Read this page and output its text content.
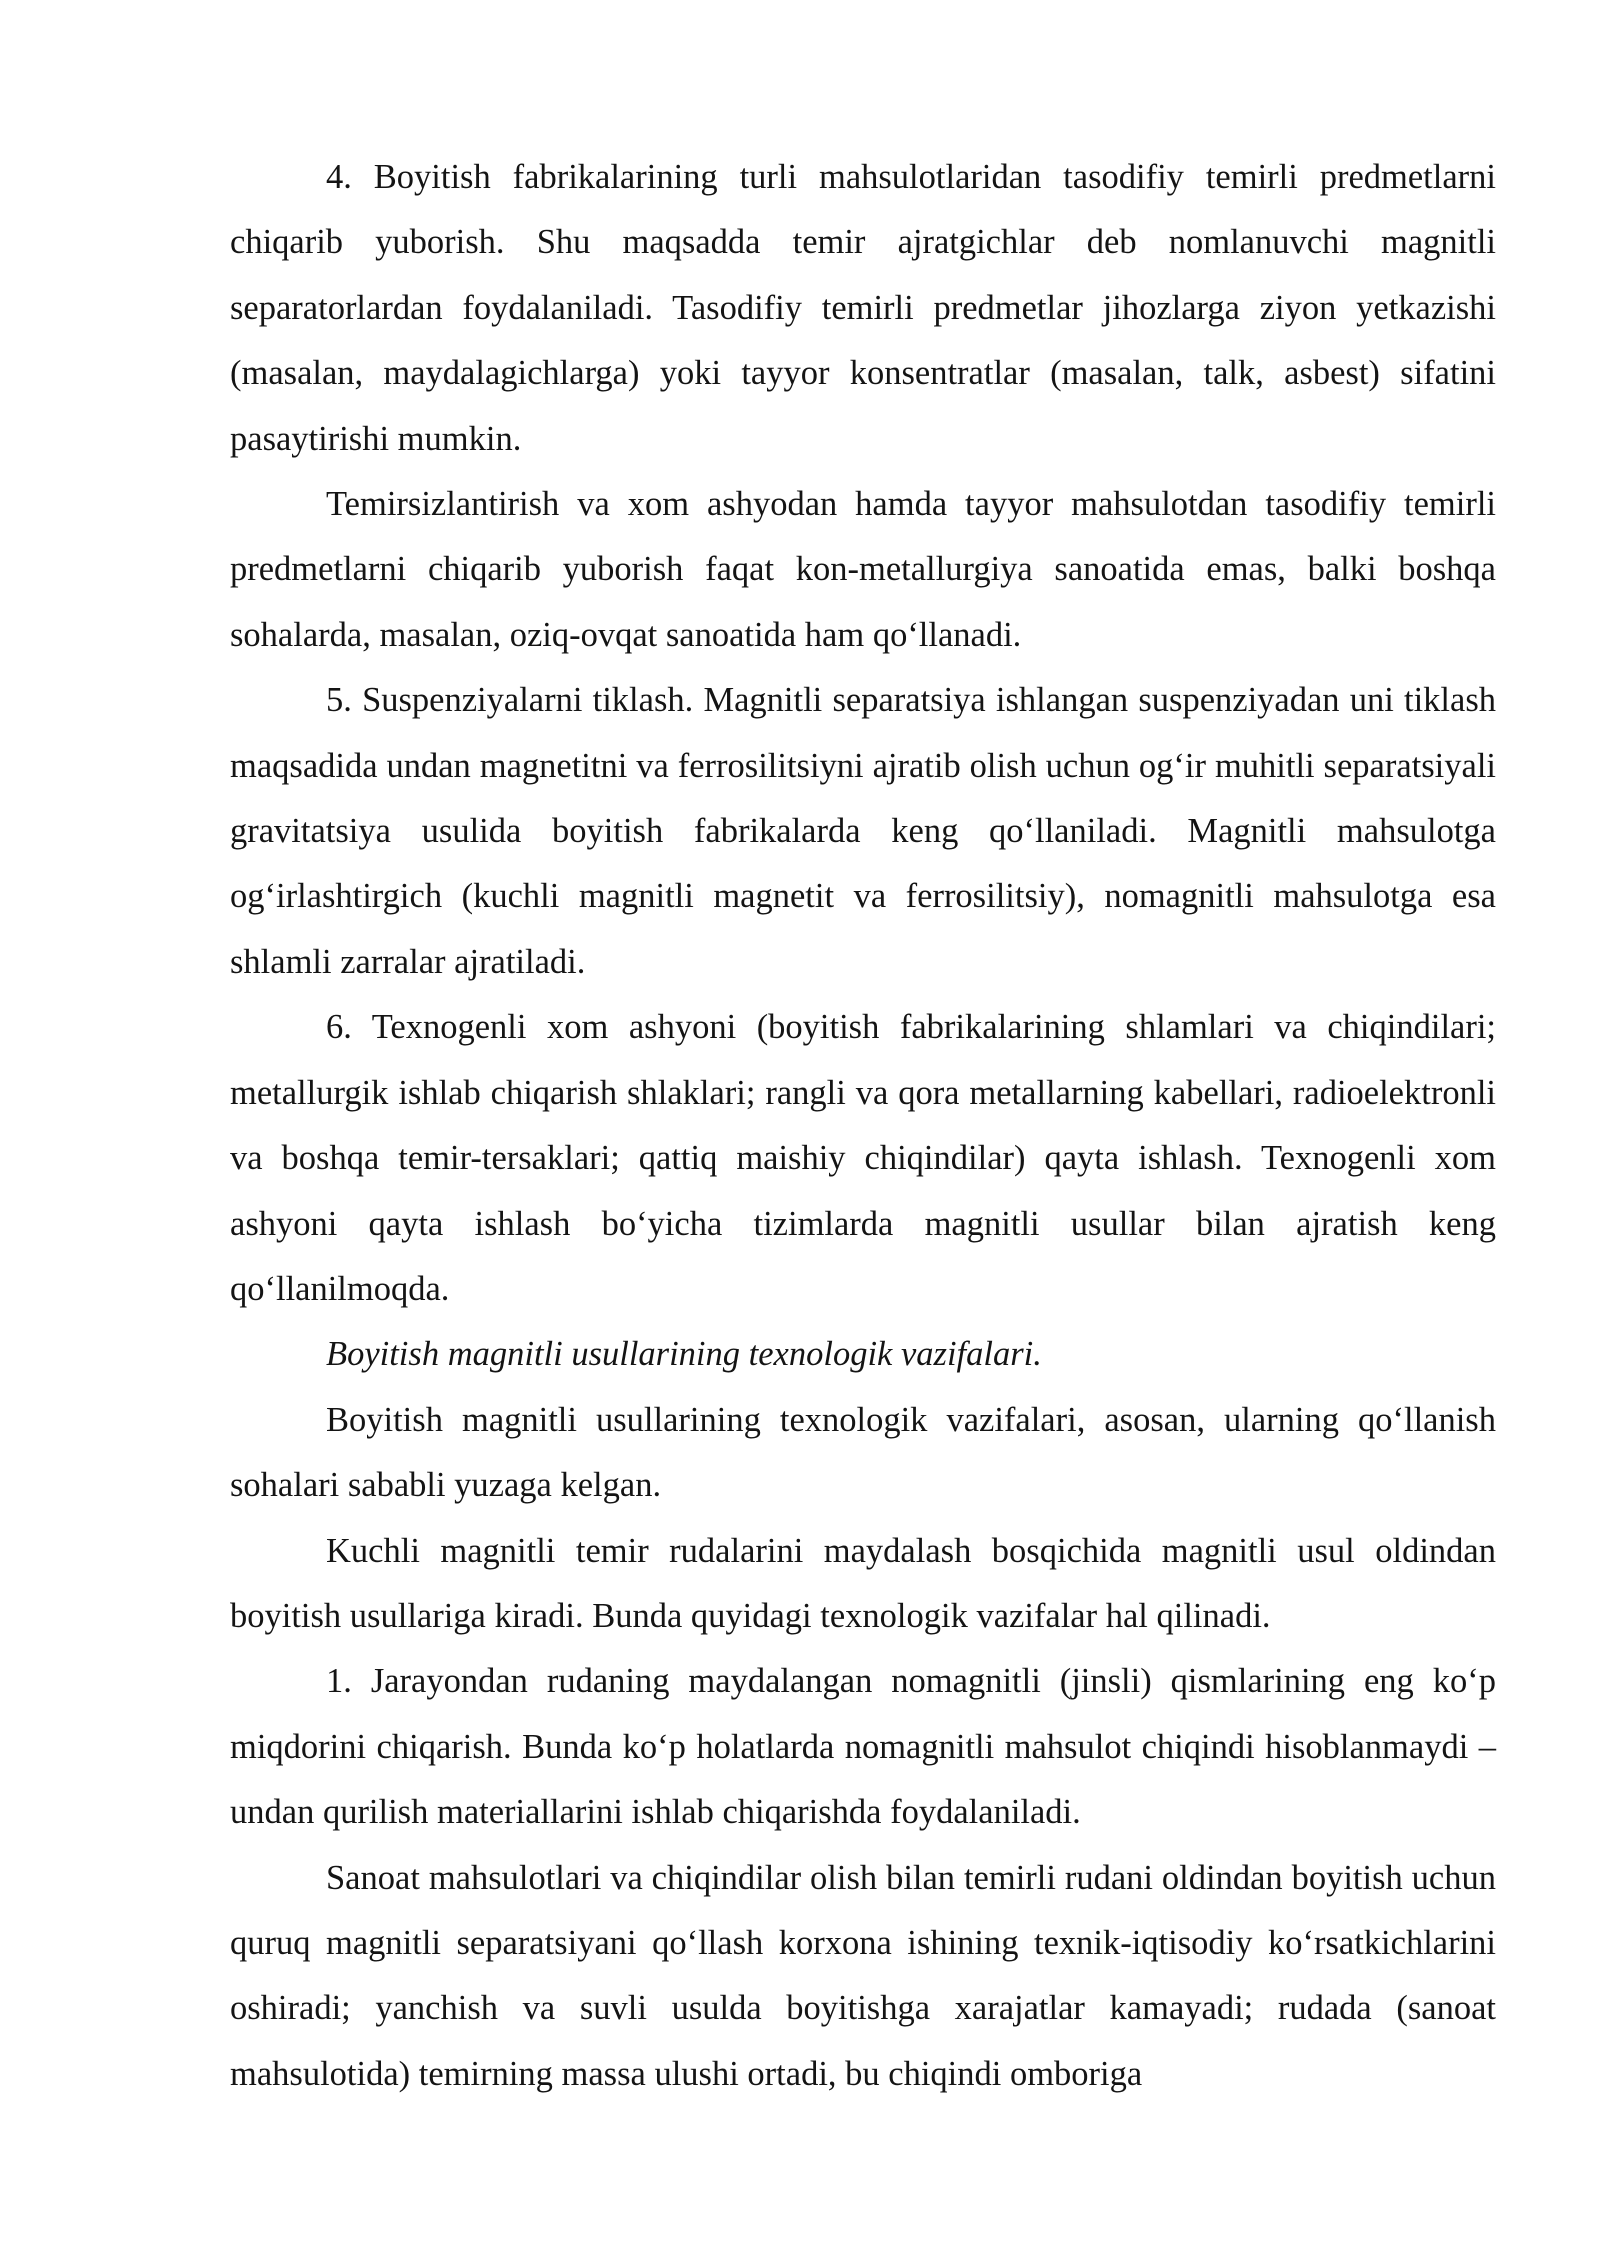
4. Boyitish fabrikalarining turli mahsulotlaridan tasodifiy temirli predmetlarni chiqarib yuborish. Shu maqsadda temir ajratgichlar deb nomlanuvchi magnitli separatorlardan foydalaniladi. Tasodifiy temirli predmetlar jihozlarga ziyon yetkazishi (masalan, maydalagichlarga) yoki tayyor konsentratlar (masalan, talk, asbest) sifatini pasaytirishi mumkin.

Temirsizlantirish va xom ashyodan hamda tayyor mahsulotdan tasodifiy temirli predmetlarni chiqarib yuborish faqat kon-metallurgiya sanoatida emas, balki boshqa sohalarda, masalan, oziq-ovqat sanoatida ham qo‘llanadi.

5. Suspenziyalarni tiklash. Magnitli separatsiya ishlangan suspenziyadan uni tiklash maqsadida undan magnetitni va ferrosilitsiyni ajratib olish uchun og‘ir muhitli separatsiyali gravitatsiya usulida boyitish fabrikalarda keng qo‘llaniladi. Magnitli mahsulotga og‘irlashtirgich (kuchli magnitli magnetit va ferrosilitsiy), nomagnitli mahsulotga esa shlamli zarralar ajratiladi.

6. Texnogenli xom ashyoni (boyitish fabrikalarining shlamlari va chiqindilari; metallurgik ishlab chiqarish shlaklari; rangli va qora metallarning kabellari, radioelektronli va boshqa temir-tersaklari; qattiq maishiy chiqindilar) qayta ishlash. Texnogenli xom ashyoni qayta ishlash bo‘yicha tizimlarda magnitli usullar bilan ajratish keng qo‘llanilmoqda.

Boyitish magnitli usullarining texnologik vazifalari.

Boyitish magnitli usullarining texnologik vazifalari, asosan, ularning qo‘llanish sohalari sababli yuzaga kelgan.

Kuchli magnitli temir rudalarini maydalash bosqichida magnitli usul oldindan boyitish usullariga kiradi. Bunda quyidagi texnologik vazifalar hal qilinadi.

1. Jarayondan rudaning maydalangan nomagnitli (jinsli) qismlarining eng ko‘p miqdorini chiqarish. Bunda ko‘p holatlarda nomagnitli mahsulot chiqindi hisoblanmaydi – undan qurilish materiallarini ishlab chiqarishda foydalaniladi.

Sanoat mahsulotlari va chiqindilar olish bilan temirli rudani oldindan boyitish uchun quruq magnitli separatsiyani qo‘llash korxona ishining texnik-iqtisodiy ko‘rsatkichlarini oshiradi; yanchish va suvli usulda boyitishga xarajatlar kamayadi; rudada (sanoat mahsulotida) temirning massa ulushi ortadi, bu chiqindi omboriga
